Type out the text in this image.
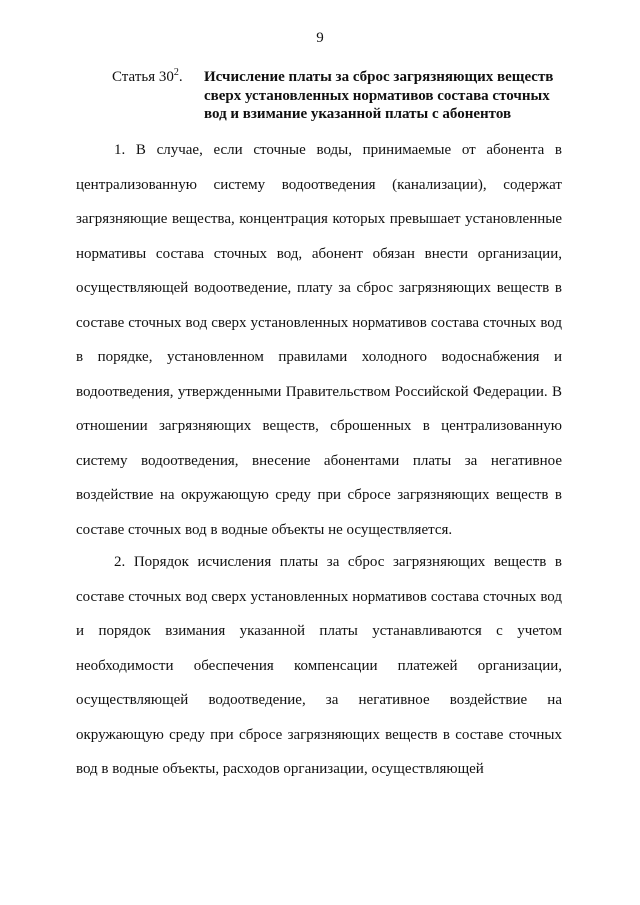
9
Статья $30^2$.	Исчисление платы за сброс загрязняющих веществ сверх установленных нормативов состава сточных вод и взимание указанной платы с абонентов

1. В случае, если сточные воды, принимаемые от абонента в централизованную систему водоотведения (канализации), содержат загрязняющие вещества, концентрация которых превышает установленные нормативы состава сточных вод, абонент обязан внести организации, осуществляющей водоотведение, плату за сброс загрязняющих веществ в составе сточных вод сверх установленных нормативов состава сточных вод в порядке, установленном правилами холодного водоснабжения и водоотведения, утвержденными Правительством Российской Федерации. В отношении загрязняющих веществ, сброшенных в централизованную систему водоотведения, внесение абонентами платы за негативное воздействие на окружающую среду при сбросе загрязняющих веществ в составе сточных вод в водные объекты не осуществляется.

2. Порядок исчисления платы за сброс загрязняющих веществ в составе сточных вод сверх установленных нормативов состава сточных вод и порядок взимания указанной платы устанавливаются с учетом необходимости обеспечения компенсации платежей организации, осуществляющей водоотведение, за негативное воздействие на окружающую среду при сбросе загрязняющих веществ в составе сточных вод в водные объекты, расходов организации, осуществляющей
